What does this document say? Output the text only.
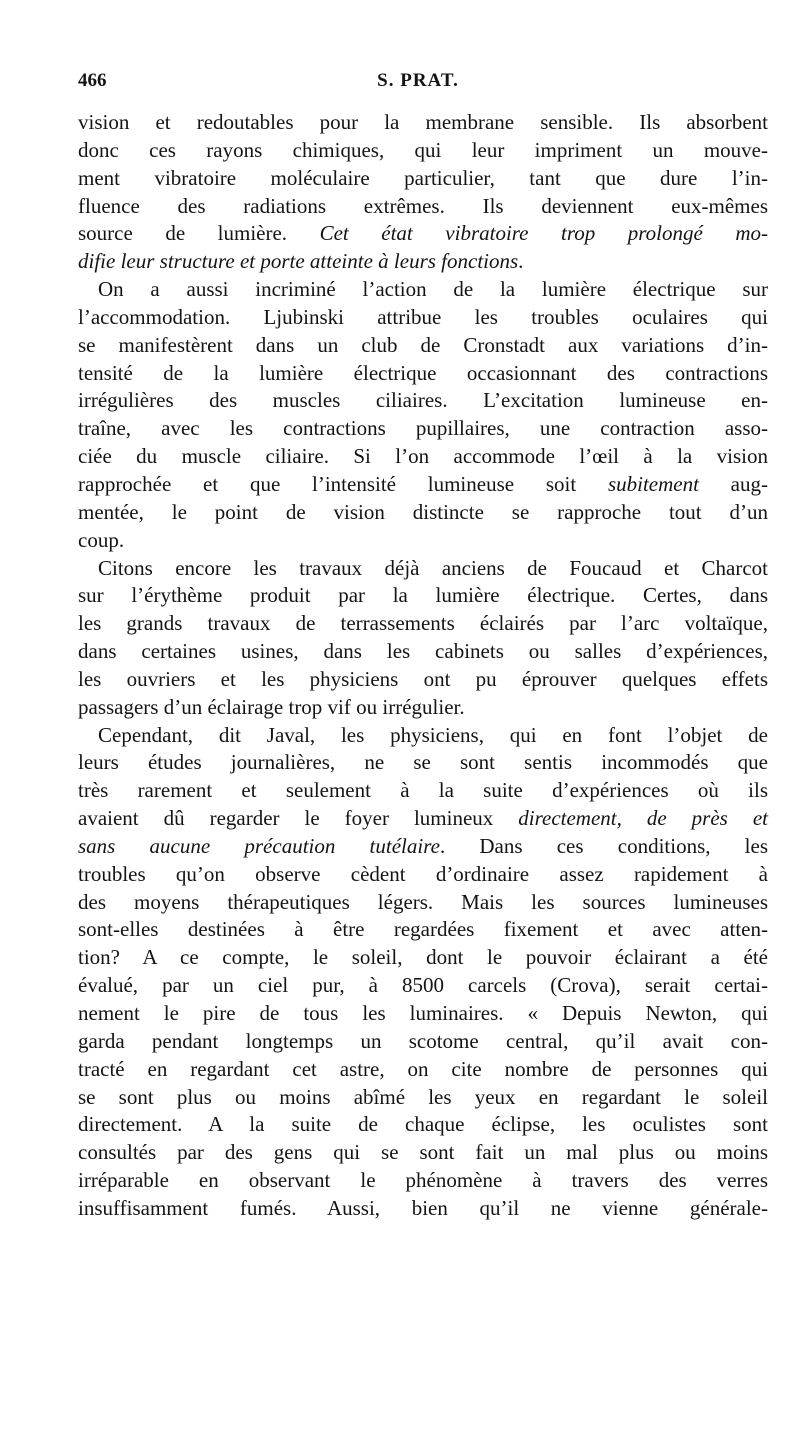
466	S. PRAT.
vision et redoutables pour la membrane sensible. Ils absorbent
donc ces rayons chimiques, qui leur impriment un mouve-
ment vibratoire moléculaire particulier, tant que dure l’in-
fluence des radiations extrêmes. Ils deviennent eux-mêmes
source de lumière. Cet état vibratoire trop prolongé mo-
difie leur structure et porte atteinte à leurs fonctions.
On a aussi incriminé l’action de la lumière électrique sur
l’accommodation. Ljubinski attribue les troubles oculaires qui
se manifestèrent dans un club de Cronstadt aux variations d’in-
tensité de la lumière électrique occasionnant des contractions
irrégulières des muscles ciliaires. L’excitation lumineuse en-
traîne, avec les contractions pupillaires, une contraction asso-
ciée du muscle ciliaire. Si l’on accommode l’œil à la vision
rapprochée et que l’intensité lumineuse soit subitement aug-
mentée, le point de vision distincte se rapproche tout d’un
coup.
Citons encore les travaux déjà anciens de Foucaud et Charcot
sur l’érythème produit par la lumière électrique. Certes, dans
les grands travaux de terrassements éclairés par l’arc voltaïque,
dans certaines usines, dans les cabinets ou salles d’expériences,
les ouvriers et les physiciens ont pu éprouver quelques effets
passagers d’un éclairage trop vif ou irrégulier.
Cependant, dit Javal, les physiciens, qui en font l’objet de
leurs études journalières, ne se sont sentis incommodés que
très rarement et seulement à la suite d’expériences où ils
avaient dû regarder le foyer lumineux directement, de près et
sans aucune précaution tutélaire. Dans ces conditions, les
troubles qu’on observe cèdent d’ordinaire assez rapidement à
des moyens thérapeutiques légers. Mais les sources lumineuses
sont-elles destinées à être regardées fixement et avec atten-
tion? A ce compte, le soleil, dont le pouvoir éclairant a été
évalué, par un ciel pur, à 8500 carcels (Crova), serait certai-
nement le pire de tous les luminaires. « Depuis Newton, qui
garda pendant longtemps un scotome central, qu’il avait con-
tracté en regardant cet astre, on cite nombre de personnes qui
se sont plus ou moins abîmé les yeux en regardant le soleil
directement. A la suite de chaque éclipse, les oculistes sont
consultés par des gens qui se sont fait un mal plus ou moins
irréparable en observant le phénomène à travers des verres
insuffisamment fumés. Aussi, bien qu’il ne vienne générale-
